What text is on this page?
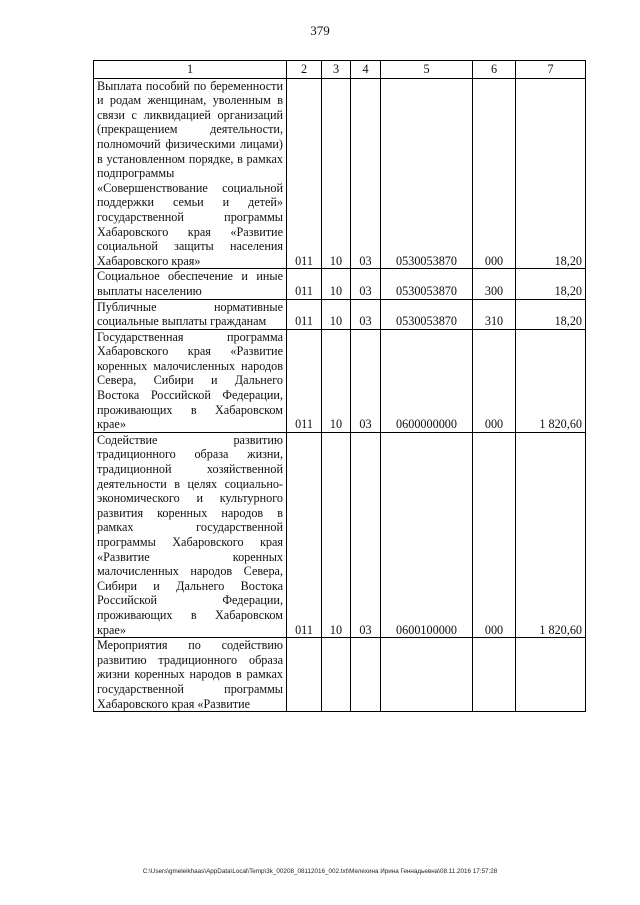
379
1	2	3	4	5	6	7
Выплата пособий по беременности и родам женщинам, уволенным в связи с ликвидацией организаций (прекращением деятельности, полномочий физическими лицами) в установленном порядке, в рамках подпрограммы «Совершенствование социальной поддержки семьи и детей» государственной программы Хабаровского края «Развитие социальной защиты населения Хабаровского края»	011	10	03	0530053870	000	18,20
Социальное обеспечение и иные выплаты населению	011	10	03	0530053870	300	18,20
Публичные нормативные социальные выплаты гражданам	011	10	03	0530053870	310	18,20
Государственная программа Хабаровского края «Развитие коренных малочисленных народов Севера, Сибири и Дальнего Востока Российской Федерации, проживающих в Хабаровском крае»	011	10	03	0600000000	000	1 820,60
Содействие развитию традиционного образа жизни, традиционной хозяйственной деятельности в целях социально-экономического и культурного развития коренных народов в рамках государственной программы Хабаровского края «Развитие коренных малочисленных народов Севера, Сибири и Дальнего Востока Российской Федерации, проживающих в Хабаровском крае»	011	10	03	0600100000	000	1 820,60
Мероприятия по содействию развитию традиционного образа жизни коренных народов в рамках государственной программы Хабаровского края «Развитие						
C:\Users\gmeleikhaas\AppData\Local\Temp\3k_00208_08112016_002.txt\Мелехина Ирина Геннадьевна\08.11.2016 17:57:28
